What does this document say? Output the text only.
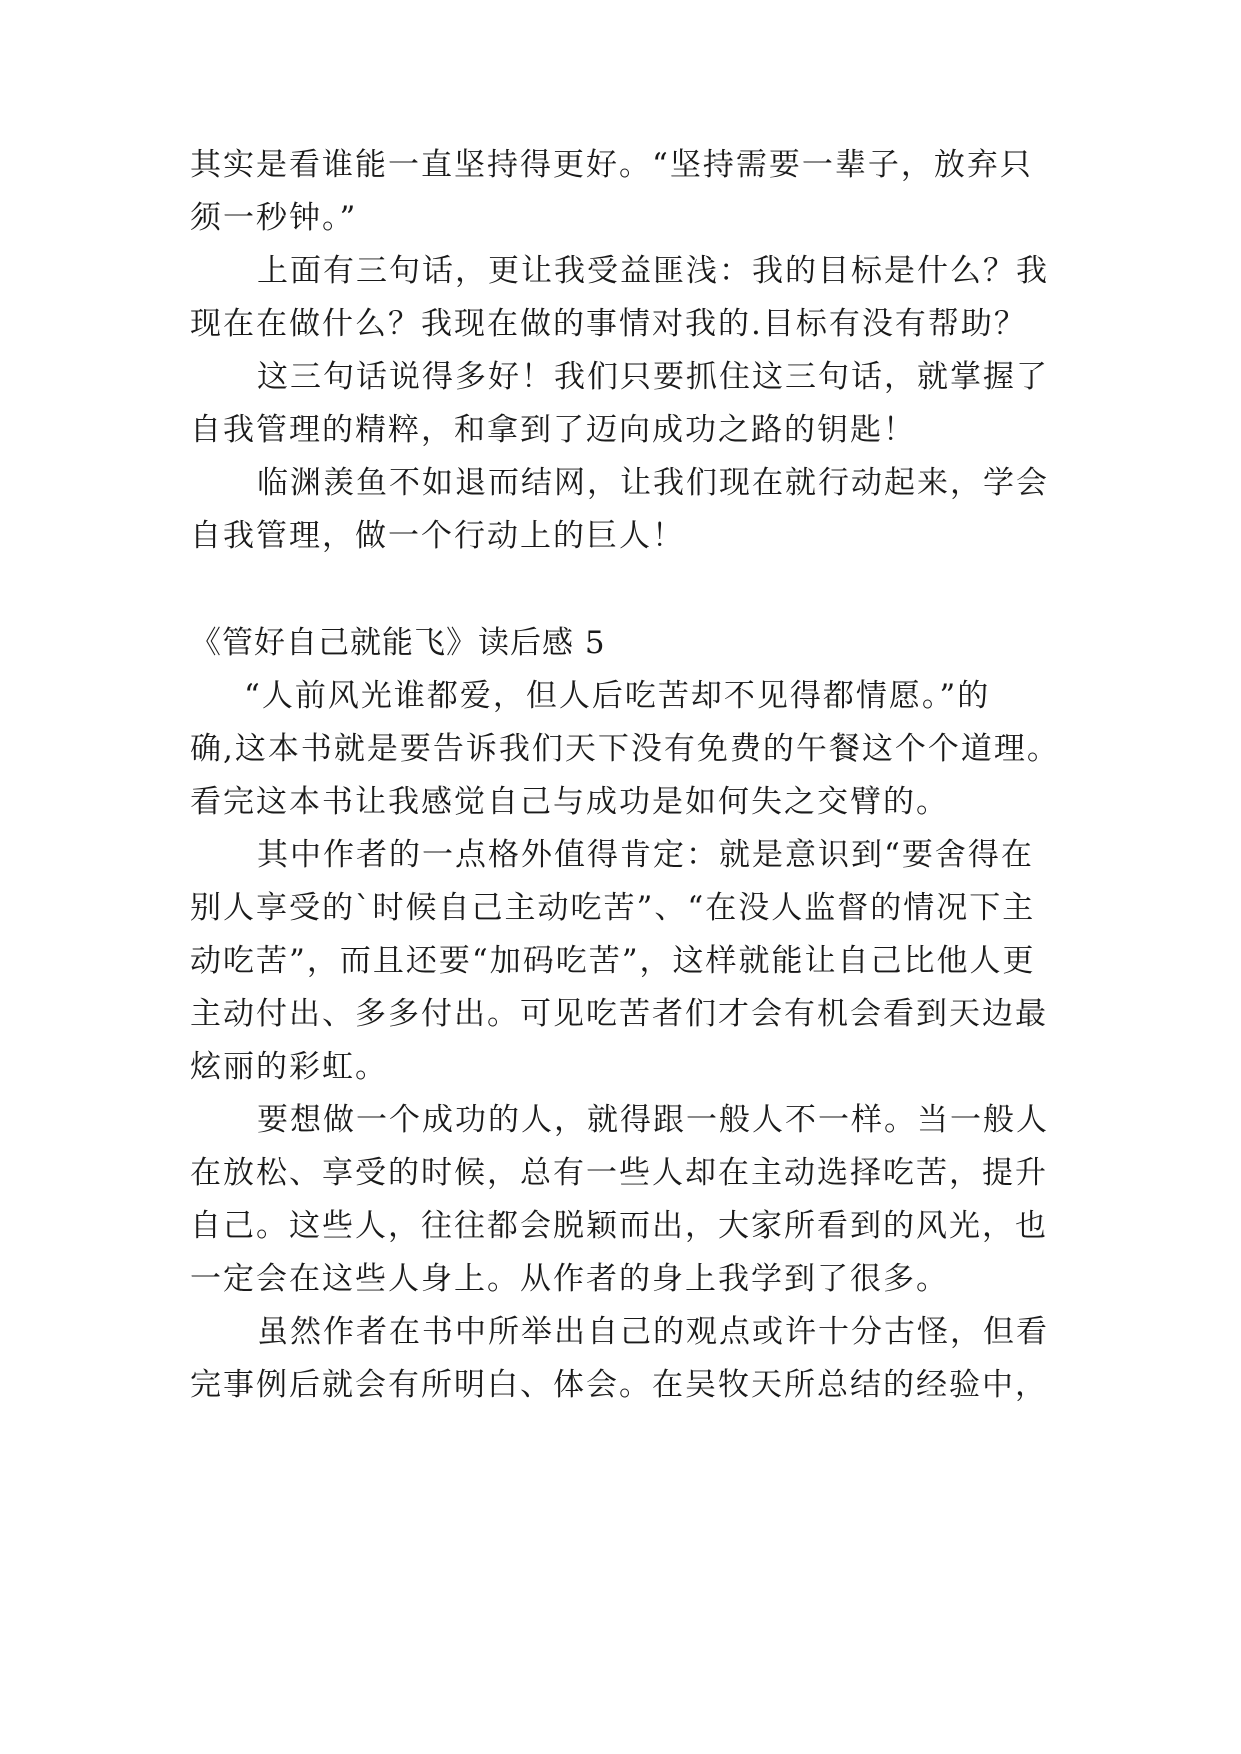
其实是看谁能一直坚持得更好。“坚持需要一辈子，放弃只
须一秒钟。”
上面有三句话，更让我受益匪浅：我的目标是什么？我
现在在做什么？我现在做的事情对我的.目标有没有帮助？
这三句话说得多好！我们只要抓住这三句话，就掌握了
自我管理的精粹，和拿到了迈向成功之路的钥匙！
临渊羡鱼不如退而结网，让我们现在就行动起来，学会
自我管理，做一个行动上的巨人！
《管好自己就能飞》读后感 5
“人前风光谁都爱，但人后吃苦却不见得都情愿。”的
确,这本书就是要告诉我们天下没有免费的午餐这个个道理。
看完这本书让我感觉自己与成功是如何失之交臂的。
其中作者的一点格外值得肯定：就是意识到“要舍得在
别人享受的`时候自己主动吃苦”、“在没人监督的情况下主
动吃苦”，而且还要“加码吃苦”，这样就能让自己比他人更
主动付出、多多付出。可见吃苦者们才会有机会看到天边最
炫丽的彩虹。
要想做一个成功的人，就得跟一般人不一样。当一般人
在放松、享受的时候，总有一些人却在主动选择吃苦，提升
自己。这些人，往往都会脱颖而出，大家所看到的风光，也
一定会在这些人身上。从作者的身上我学到了很多。
虽然作者在书中所举出自己的观点或许十分古怪，但看
完事例后就会有所明白、体会。在吴牧天所总结的经验中，
